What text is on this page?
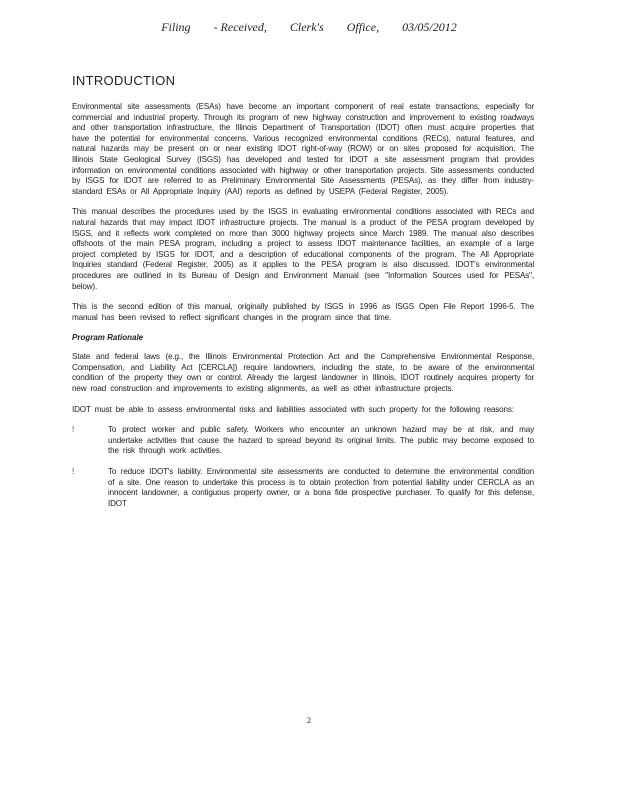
Filing - Received, Clerk's Office, 03/05/2012
INTRODUCTION

Environmental site assessments (ESAs) have become an important component of real estate transactions, especially for commercial and industrial property. Through its program of new highway construction and improvement to existing roadways and other transportation infrastructure, the Illinois Department of Transportation (IDOT) often must acquire properties that have the potential for environmental concerns. Various recognized environmental conditions (RECs), natural features, and natural hazards may be present on or near existing IDOT right-of-way (ROW) or on sites proposed for acquisition. The Illinois State Geological Survey (ISGS) has developed and tested for IDOT a site assessment program that provides information on environmental conditions associated with highway or other transportation projects. Site assessments conducted by ISGS for IDOT are referred to as Preliminary Environmental Site Assessments (PESAs), as they differ from industry-standard ESAs or All Appropriate Inquiry (AAI) reports as defined by USEPA (Federal Register, 2005).

This manual describes the procedures used by the ISGS in evaluating environmental conditions associated with RECs and natural hazards that may impact IDOT infrastructure projects. The manual is a product of the PESA program developed by ISGS, and it reflects work completed on more than 3000 highway projects since March 1989. The manual also describes offshoots of the main PESA program, including a project to assess IDOT maintenance facilities, an example of a large project completed by ISGS for IDOT, and a description of educational components of the program. The All Appropriate Inquiries standard (Federal Register, 2005) as it applies to the PESA program is also discussed. IDOT's environmental procedures are outlined in its Bureau of Design and Environment Manual (see "Information Sources used for PESAs", below).

This is the second edition of this manual, originally published by ISGS in 1996 as ISGS Open File Report 1996-5. The manual has been revised to reflect significant changes in the program since that time.

Program Rationale

State and federal laws (e.g., the Illinois Environmental Protection Act and the Comprehensive Environmental Response, Compensation, and Liability Act [CERCLA]) require landowners, including the state, to be aware of the environmental condition of the property they own or control. Already the largest landowner in Illinois, IDOT routinely acquires property for new road construction and improvements to existing alignments, as well as other infrastructure projects.

IDOT must be able to assess environmental risks and liabilities associated with such property for the following reasons:

!	To protect worker and public safety. Workers who encounter an unknown hazard may be at risk, and may undertake activities that cause the hazard to spread beyond its original limits. The public may become exposed to the risk through work activities.

!	To reduce IDOT's liability. Environmental site assessments are conducted to determine the environmental condition of a site. One reason to undertake this process is to obtain protection from potential liability under CERCLA as an innocent landowner, a contiguous property owner, or a bona fide prospective purchaser. To qualify for this defense, IDOT

2
